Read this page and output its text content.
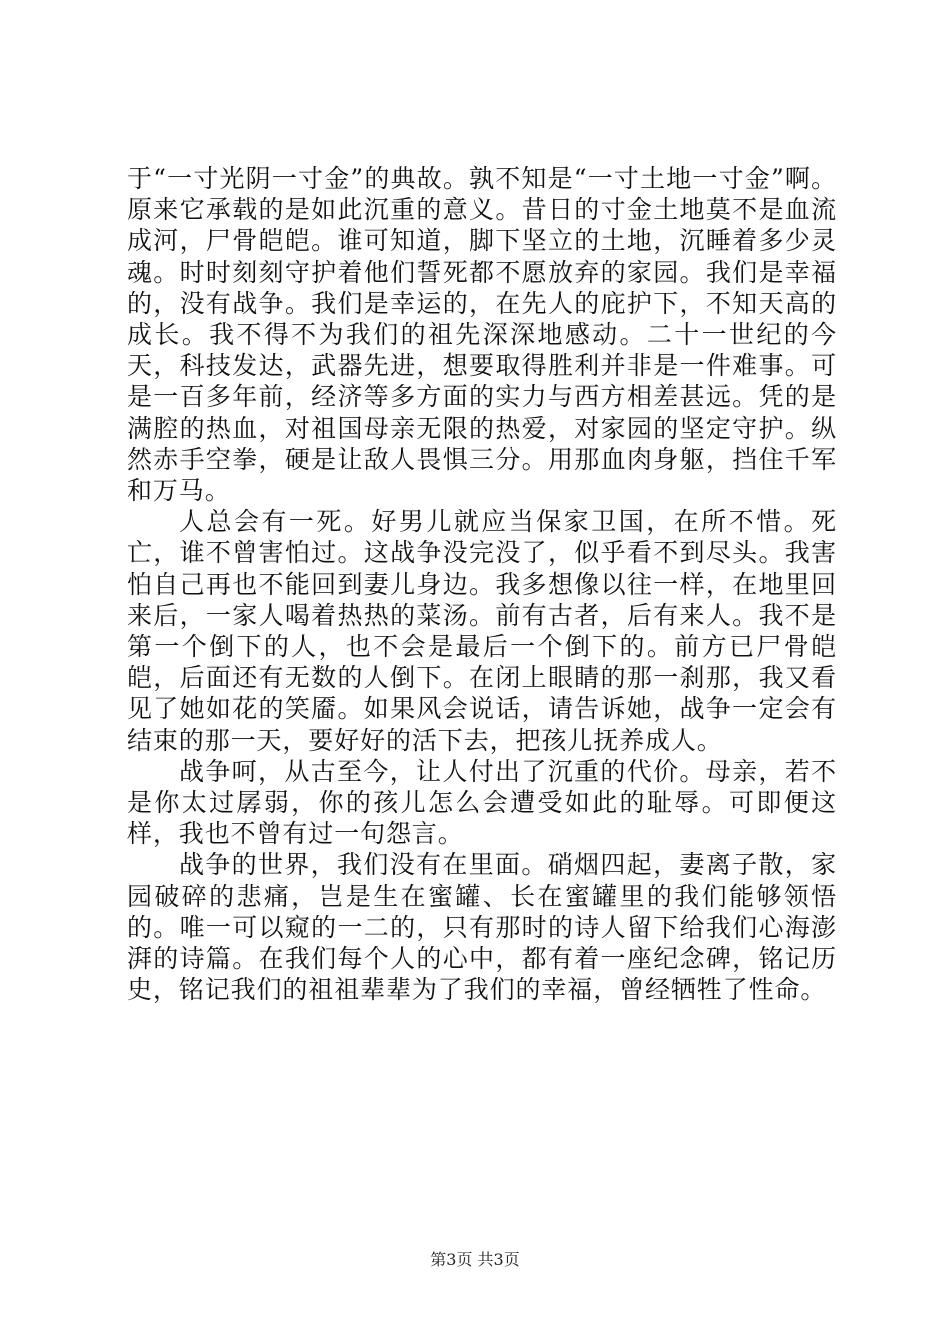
于“一寸光阴一寸金”的典故。孰不知是“一寸土地一寸金”啊。原来它承载的是如此沉重的意义。昔日的寸金土地莫不是血流成河，尸骨皑皑。谁可知道，脚下坚立的土地，沉睡着多少灵魂。时时刻刻守护着他们誓死都不愿放弃的家园。我们是幸福的，没有战争。我们是幸运的，在先人的庇护下，不知天高的成长。我不得不为我们的祖先深深地感动。二十一世纪的今天，科技发达，武器先进，想要取得胜利并非是一件难事。可是一百多年前，经济等多方面的实力与西方相差甚远。凭的是满腔的热血，对祖国母亲无限的热爱，对家园的坚定守护。纵然赤手空拳，硬是让敌人畏惧三分。用那血肉身躯，挡住千军和万马。

人总会有一死。好男儿就应当保家卫国，在所不惜。死亡，谁不曾害怕过。这战争没完没了，似乎看不到尽头。我害怕自己再也不能回到妻儿身边。我多想像以往一样，在地里回来后，一家人喝着热热的菜汤。前有古者，后有来人。我不是第一个倒下的人，也不会是最后一个倒下的。前方已尸骨皑皑，后面还有无数的人倒下。在闭上眼睛的那一刹那，我又看见了她如花的笑靥。如果风会说话，请告诉她，战争一定会有结束的那一天，要好好的活下去，把孩儿抚养成人。

战争呵，从古至今，让人付出了沉重的代价。母亲，若不是你太过孱弱，你的孩儿怎么会遭受如此的耻辱。可即便这样，我也不曾有过一句怨言。

战争的世界，我们没有在里面。硝烟四起，妻离子散，家园破碎的悲痛，岂是生在蜜罐、长在蜜罐里的我们能够领悟的。唯一可以窥的一二的，只有那时的诗人留下给我们心海澎湃的诗篇。在我们每个人的心中，都有着一座纪念碑，铭记历史，铭记我们的祖祖辈辈为了我们的幸福，曾经牺牲了性命。

第3页 共3页
